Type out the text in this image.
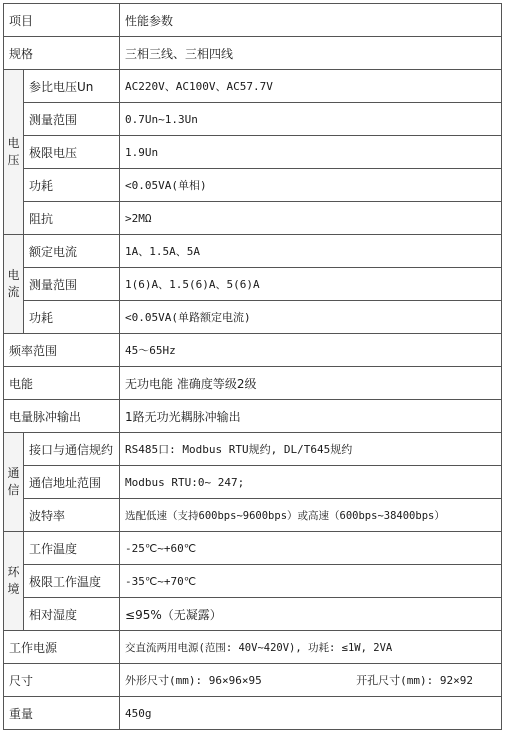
项目		性能参数
规格		三相三线、三相四线

电压	参比电压Un	AC220V、AC100V、AC57.7V
	测量范围	0.7Un~1.3Un
	极限电压	1.9Un
	功耗	<0.05VA(单相)
	阻抗	>2MΩ

电流	额定电流	1A、1.5A、5A
	测量范围	1(6)A、1.5(6)A、5(6)A
	功耗	<0.05VA(单路额定电流)
频率范围		45～65Hz
电能		无功电能 准确度等级2级
电量脉冲输出		1路无功光耦脉冲输出

通信	接口与通信规约	RS485口: Modbus RTU规约, DL/T645规约
	通信地址范围	Modbus RTU:0~ 247;
	波特率	选配低速（支持600bps~9600bps）或高速（600bps~38400bps）

环境	工作温度	-25℃~+60℃
	极限工作温度	-35℃~+70℃
	相对湿度	≤95%（无凝露）
工作电源		交直流两用电源(范围: 40V~420V), 功耗: ≤1W, 2VA
尺寸		外形尺寸(mm): 96×96×95 开孔尺寸(mm): 92×92

重量		450g
